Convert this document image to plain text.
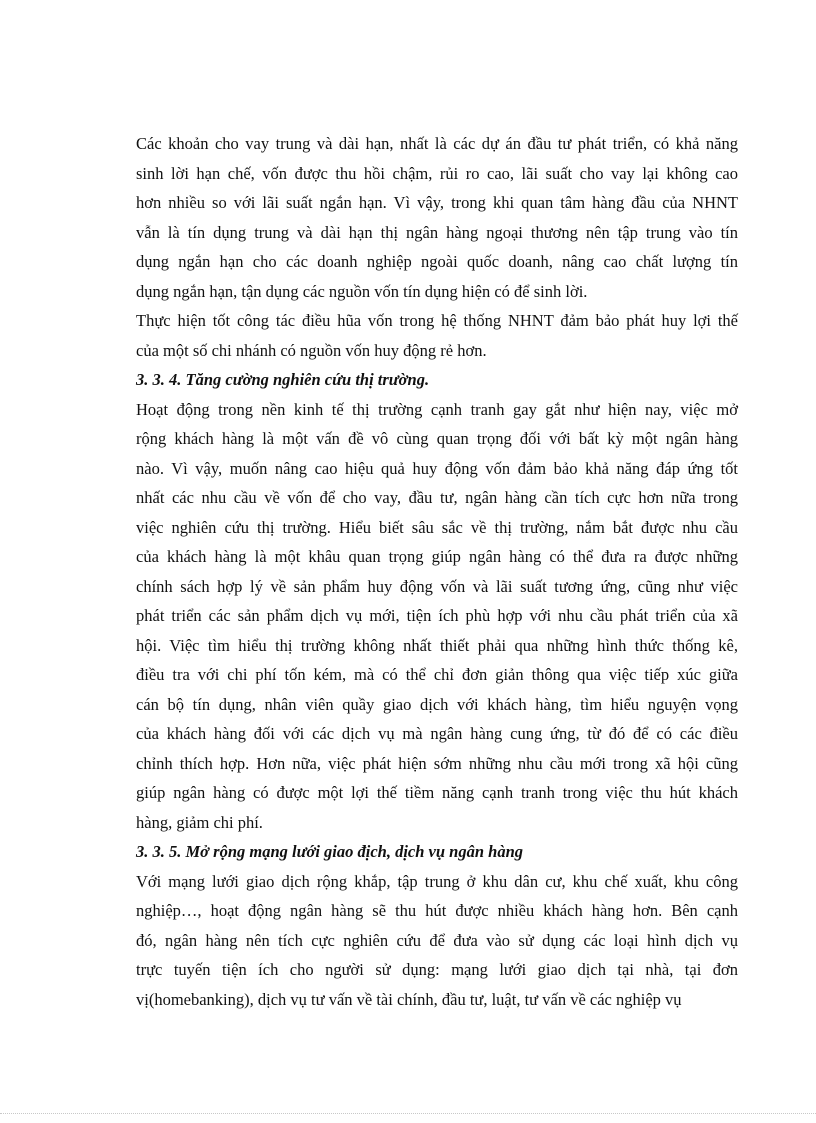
Các khoản cho vay trung và dài hạn, nhất là các dự án đầu tư phát triển, có khả năng
sinh lời hạn chế, vốn được thu hồi chậm, rủi ro cao, lãi suất cho vay lại không cao
hơn nhiều so với lãi suất ngắn hạn. Vì vậy, trong khi quan tâm hàng đầu của NHNT
vẫn là tín dụng trung và dài hạn thị ngân hàng ngoại thương nên tập trung vào tín
dụng ngắn hạn cho các doanh nghiệp ngoài quốc doanh, nâng cao chất lượng tín
dụng ngắn hạn, tận dụng các nguồn vốn tín dụng hiện có để sinh lời.
Thực hiện tốt công tác điều hũa vốn trong hệ thống NHNT đảm bảo phát huy lợi thế
của một số chi nhánh có nguồn vốn huy động rẻ hơn.
3. 3. 4. Tăng cường nghiên cứu thị trường.
Hoạt động trong nền kinh tế thị trường cạnh tranh gay gắt như hiện nay, việc mở
rộng khách hàng là một vấn đề vô cùng quan trọng đối với bất kỳ một ngân hàng
nào. Vì vậy, muốn nâng cao hiệu quả huy động vốn đảm bảo khả năng đáp ứng tốt
nhất các nhu cầu về vốn để cho vay, đầu tư, ngân hàng cần tích cực hơn nữa trong
việc nghiên cứu thị trường. Hiểu biết sâu sắc về thị trường, nắm bắt được nhu cầu
của khách hàng là một khâu quan trọng giúp ngân hàng có thể đưa ra được những
chính sách hợp lý về sản phẩm huy động vốn và lãi suất tương ứng, cũng như việc
phát triển các sản phẩm dịch vụ mới, tiện ích phù hợp với nhu cầu phát triển của xã
hội. Việc tìm hiểu thị trường không nhất thiết phải qua những hình thức thống kê,
điều tra với chi phí tốn kém, mà có thể chỉ đơn giản thông qua việc tiếp xúc giữa
cán bộ tín dụng, nhân viên quầy giao dịch với khách hàng, tìm hiểu nguyện vọng
của khách hàng đối với các dịch vụ mà ngân hàng cung ứng, từ đó để có các điều
chỉnh thích hợp. Hơn nữa, việc phát hiện sớm những nhu cầu mới trong xã hội cũng
giúp ngân hàng có được một lợi thế tiềm năng cạnh tranh trong việc thu hút khách
hàng, giảm chi phí.
3. 3. 5. Mở rộng mạng lưới giao địch, dịch vụ ngân hàng
Với mạng lưới giao dịch rộng khắp, tập trung ở khu dân cư, khu chế xuất, khu công
nghiệp…, hoạt động ngân hàng sẽ thu hút được nhiều khách hàng hơn. Bên cạnh
đó, ngân hàng nên tích cực nghiên cứu để đưa vào sử dụng các loại hình dịch vụ
trực tuyến tiện ích cho người sử dụng: mạng lưới giao dịch tại nhà, tại đơn
vị(homebanking), dịch vụ tư vấn về tài chính, đầu tư, luật, tư vấn về các nghiệp vụ
